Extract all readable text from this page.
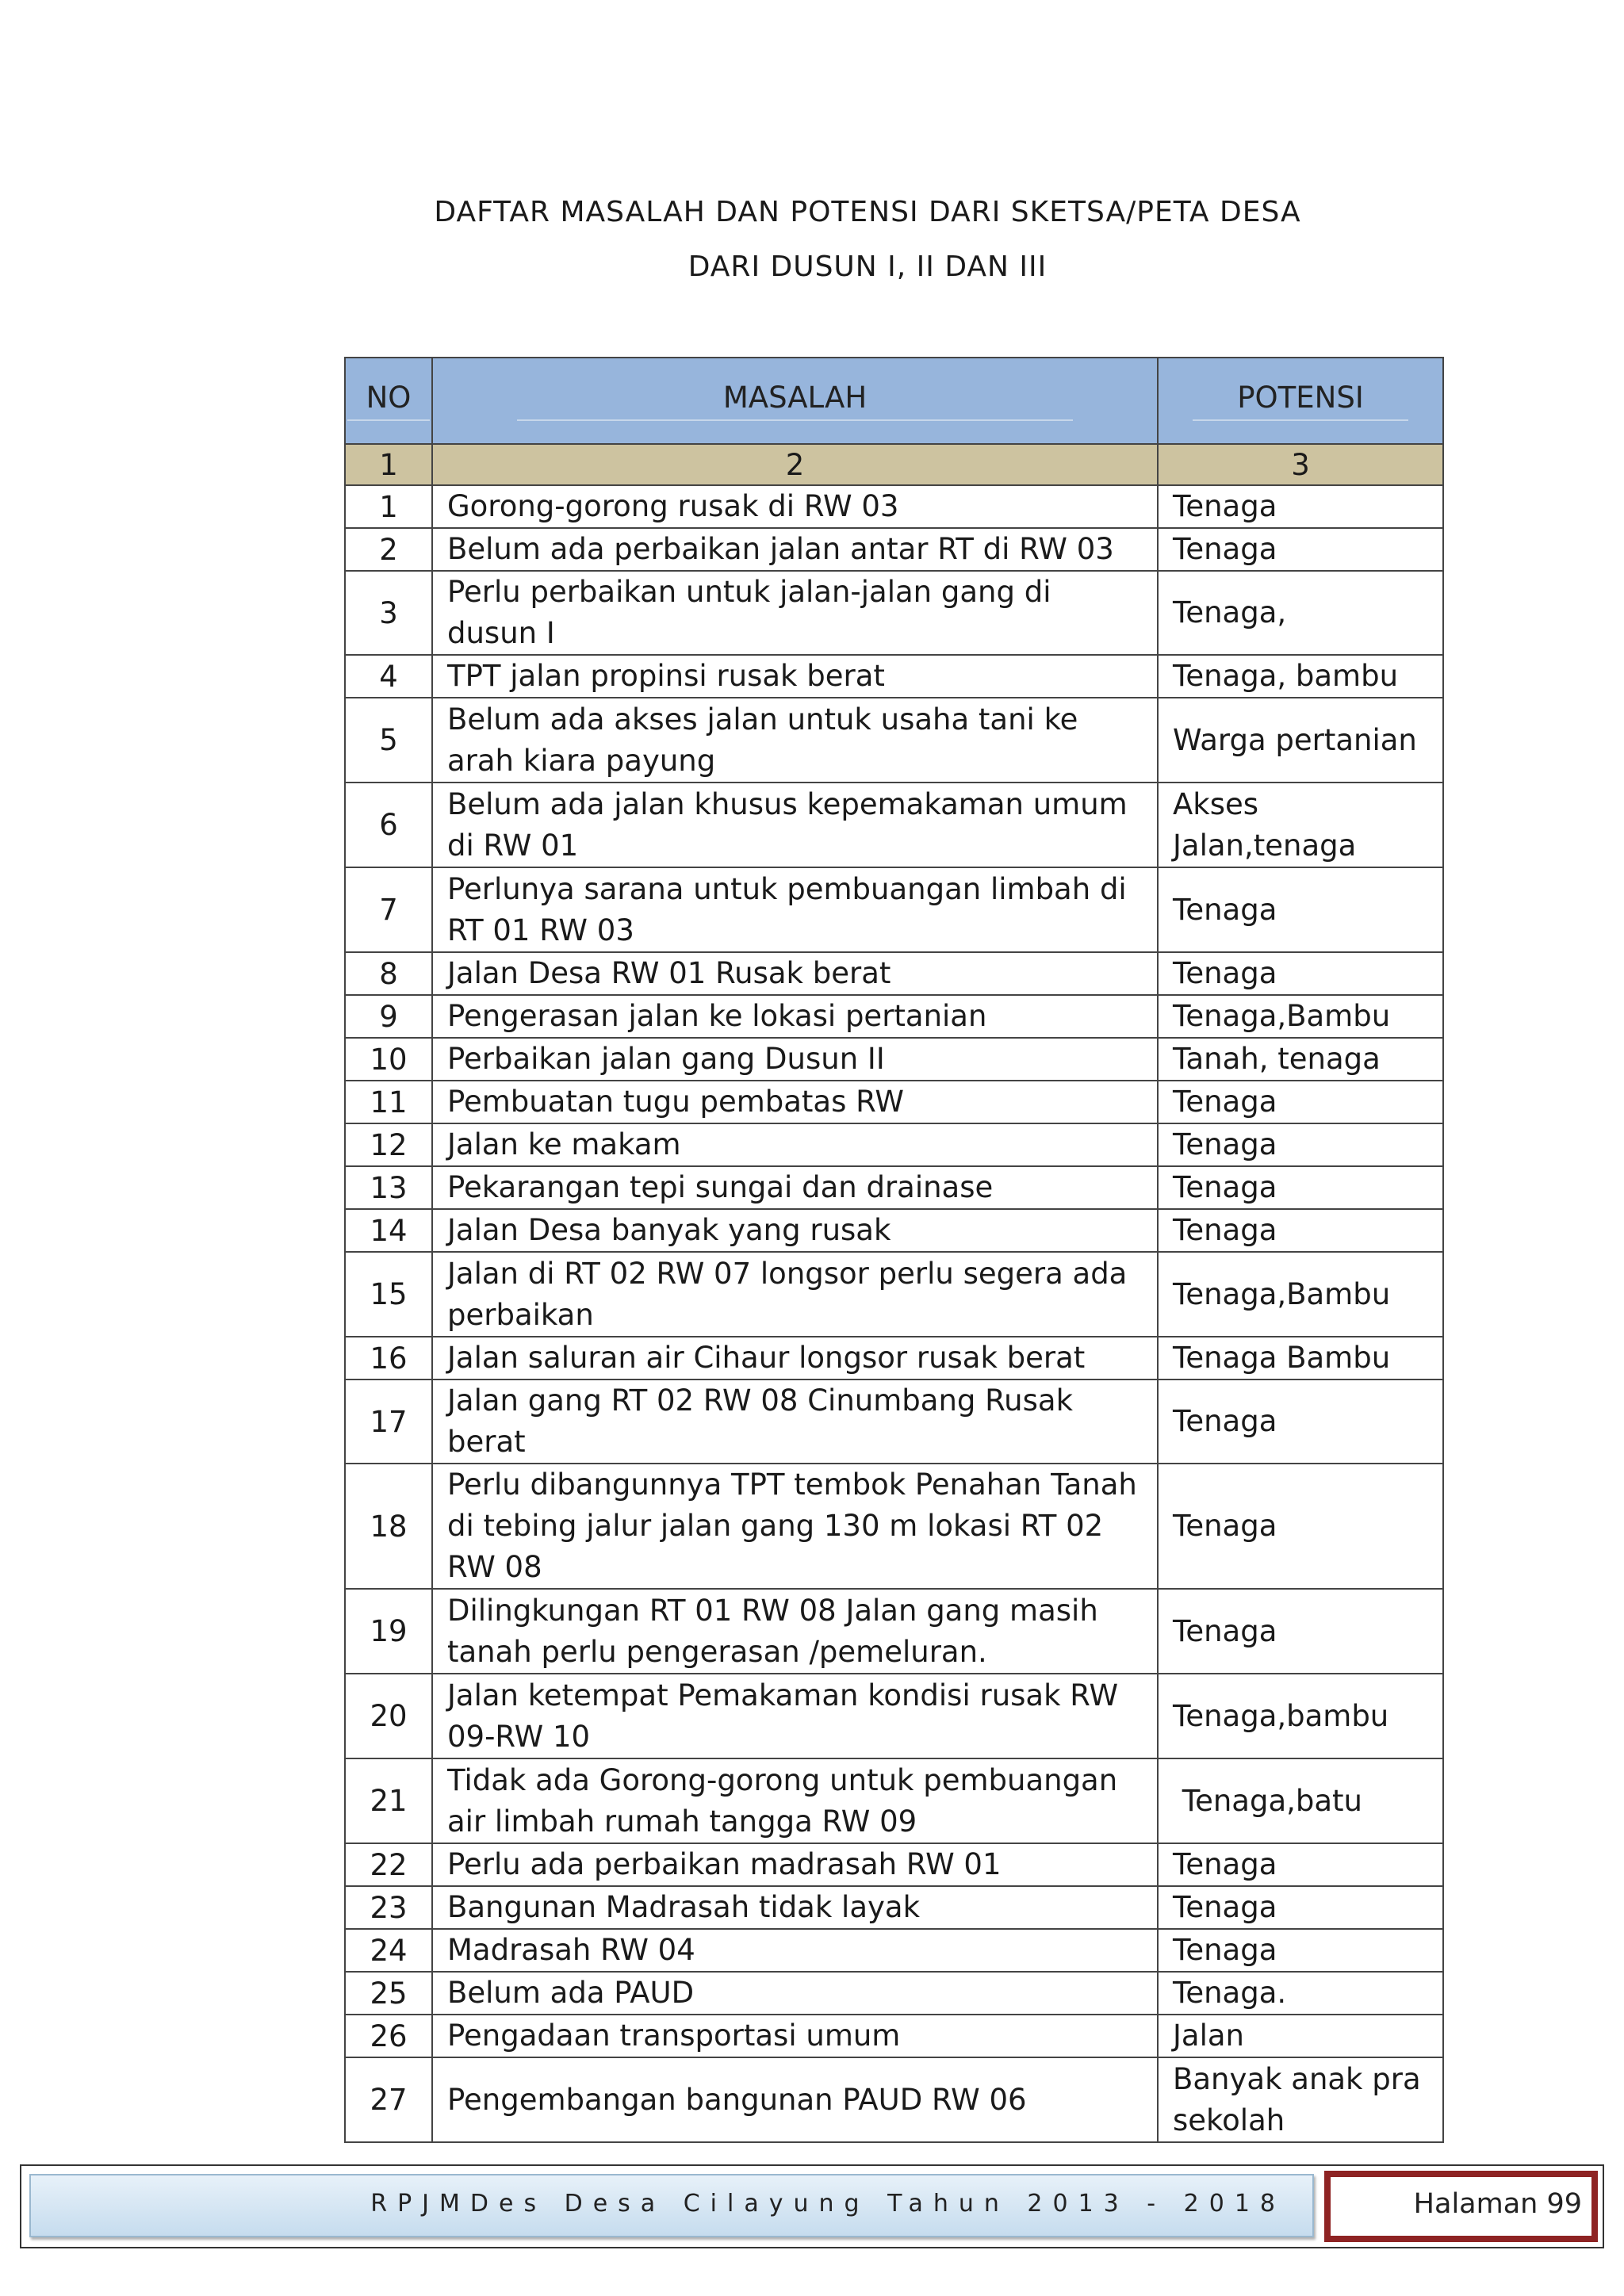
DAFTAR MASALAH DAN POTENSI DARI SKETSA/PETA DESA
DARI DUSUN I, II DAN III
NO	MASALAH	POTENSI
1	2	3
1	Gorong-gorong rusak di RW 03	Tenaga
2	Belum ada perbaikan jalan antar RT di RW 03	Tenaga
3	Perlu perbaikan untuk jalan-jalan gang di dusun I	Tenaga,
4	TPT jalan propinsi rusak berat	Tenaga, bambu
5	Belum ada akses jalan untuk usaha tani ke arah kiara payung	Warga pertanian
6	Belum ada jalan khusus kepemakaman umum di RW 01	Akses Jalan,tenaga
7	Perlunya sarana untuk pembuangan limbah di RT 01 RW 03	Tenaga
8	Jalan Desa RW 01 Rusak berat	Tenaga
9	Pengerasan jalan ke lokasi pertanian	Tenaga,Bambu
10	Perbaikan jalan gang Dusun II	Tanah, tenaga
11	Pembuatan tugu pembatas RW	Tenaga
12	Jalan ke makam	Tenaga
13	Pekarangan tepi sungai dan drainase	Tenaga
14	Jalan Desa banyak yang rusak	Tenaga
15	Jalan di RT 02 RW 07 longsor perlu segera ada perbaikan	Tenaga,Bambu
16	Jalan saluran air Cihaur longsor rusak berat	Tenaga Bambu
17	Jalan gang RT 02 RW 08 Cinumbang Rusak berat	Tenaga
18	Perlu dibangunnya TPT tembok Penahan Tanah di tebing jalur jalan gang 130 m lokasi RT 02 RW 08	Tenaga
19	Dilingkungan RT 01 RW 08 Jalan gang masih tanah perlu pengerasan /pemeluran.	Tenaga
20	Jalan ketempat Pemakaman kondisi rusak RW 09-RW 10	Tenaga,bambu
21	Tidak ada Gorong-gorong untuk pembuangan air limbah rumah tangga RW 09	Tenaga,batu
22	Perlu ada perbaikan madrasah RW 01	Tenaga
23	Bangunan Madrasah tidak layak	Tenaga
24	Madrasah RW 04	Tenaga
25	Belum ada PAUD	Tenaga.
26	Pengadaan transportasi umum	Jalan
27	Pengembangan bangunan PAUD RW 06	Banyak anak pra sekolah
RPJMDes Desa Cilayung Tahun 2013 - 2018	Halaman 99
